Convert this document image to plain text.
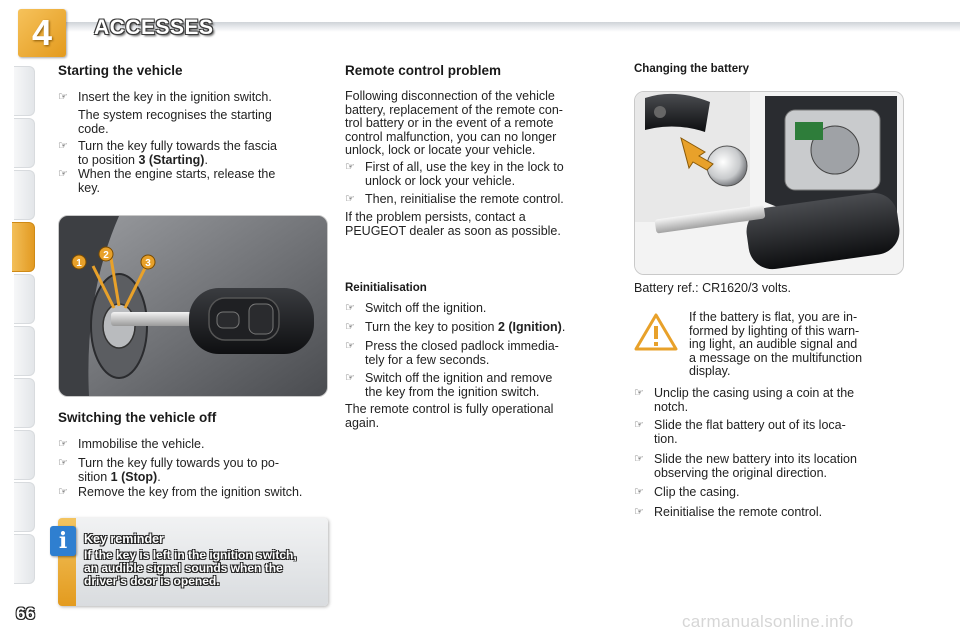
4	ACCESSES
Starting the vehicle
☞ Insert the key in the ignition switch.
The system recognises the starting
code.
☞ Turn the key fully towards the fascia
to position 3 (Starting).
☞ When the engine starts, release the
key.
1
2
3
Switching the vehicle off
☞ Immobilise the vehicle.
☞ Turn the key fully towards you to po-
sition 1 (Stop).
☞ Remove the key from the ignition switch.
i	Key reminder
If the key is left in the ignition switch,
an audible signal sounds when the
driver's door is opened.
Remote control problem
Following disconnection of the vehicle
battery, replacement of the remote con-
trol battery or in the event of a remote
control malfunction, you can no longer
unlock, lock or locate your vehicle.
☞ First of all, use the key in the lock to
unlock or lock your vehicle.
☞ Then, reinitialise the remote control.
If the problem persists, contact a
PEUGEOT dealer as soon as possible.
Reinitialisation
☞ Switch off the ignition.
☞ Turn the key to position 2 (Ignition).
☞ Press the closed padlock immedia-
tely for a few seconds.
☞ Switch off the ignition and remove
the key from the ignition switch.
The remote control is fully operational
again.
Changing the battery
Battery ref.: CR1620/3 volts.
If the battery is flat, you are in-
formed by lighting of this warn-
ing light, an audible signal and
a message on the multifunction
display.
☞ Unclip the casing using a coin at the
notch.
☞ Slide the flat battery out of its loca-
tion.
☞ Slide the new battery into its location
observing the original direction.
☞ Clip the casing.
☞ Reinitialise the remote control.
66	carmanualsonline.info
